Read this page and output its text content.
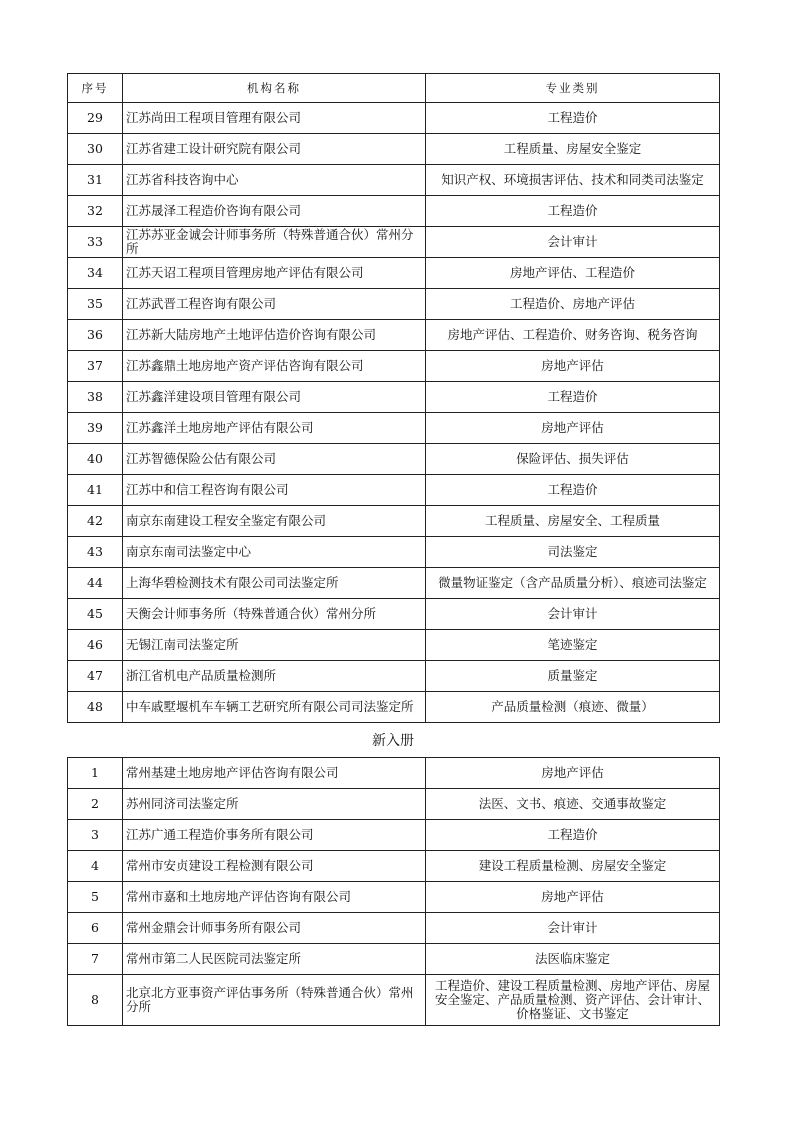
序号	机构名称	专业类别
29	江苏尚田工程项目管理有限公司	工程造价
30	江苏省建工设计研究院有限公司	工程质量、房屋安全鉴定
31	江苏省科技咨询中心	知识产权、环境损害评估、技术和同类司法鉴定
32	江苏晟泽工程造价咨询有限公司	工程造价
33	江苏苏亚金诚会计师事务所（特殊普通合伙）常州分所	会计审计
34	江苏天诏工程项目管理房地产评估有限公司	房地产评估、工程造价
35	江苏武晋工程咨询有限公司	工程造价、房地产评估
36	江苏新大陆房地产土地评估造价咨询有限公司	房地产评估、工程造价、财务咨询、税务咨询
37	江苏鑫鼎土地房地产资产评估咨询有限公司	房地产评估
38	江苏鑫洋建设项目管理有限公司	工程造价
39	江苏鑫洋土地房地产评估有限公司	房地产评估
40	江苏智德保险公估有限公司	保险评估、损失评估
41	江苏中和信工程咨询有限公司	工程造价
42	南京东南建设工程安全鉴定有限公司	工程质量、房屋安全、工程质量
43	南京东南司法鉴定中心	司法鉴定
44	上海华碧检测技术有限公司司法鉴定所	微量物证鉴定（含产品质量分析）、痕迹司法鉴定
45	天衡会计师事务所（特殊普通合伙）常州分所	会计审计
46	无锡江南司法鉴定所	笔迹鉴定
47	浙江省机电产品质量检测所	质量鉴定
48	中车戚墅堰机车车辆工艺研究所有限公司司法鉴定所	产品质量检测（痕迹、微量）
新入册
1	常州基建土地房地产评估咨询有限公司	房地产评估
2	苏州同济司法鉴定所	法医、文书、痕迹、交通事故鉴定
3	江苏广通工程造价事务所有限公司	工程造价
4	常州市安贞建设工程检测有限公司	建设工程质量检测、房屋安全鉴定
5	常州市嘉和土地房地产评估咨询有限公司	房地产评估
6	常州金鼎会计师事务所有限公司	会计审计
7	常州市第二人民医院司法鉴定所	法医临床鉴定
8	北京北方亚事资产评估事务所（特殊普通合伙）常州分所	工程造价、建设工程质量检测、房地产评估、房屋安全鉴定、产品质量检测、资产评估、会计审计、价格鉴证、文书鉴定
